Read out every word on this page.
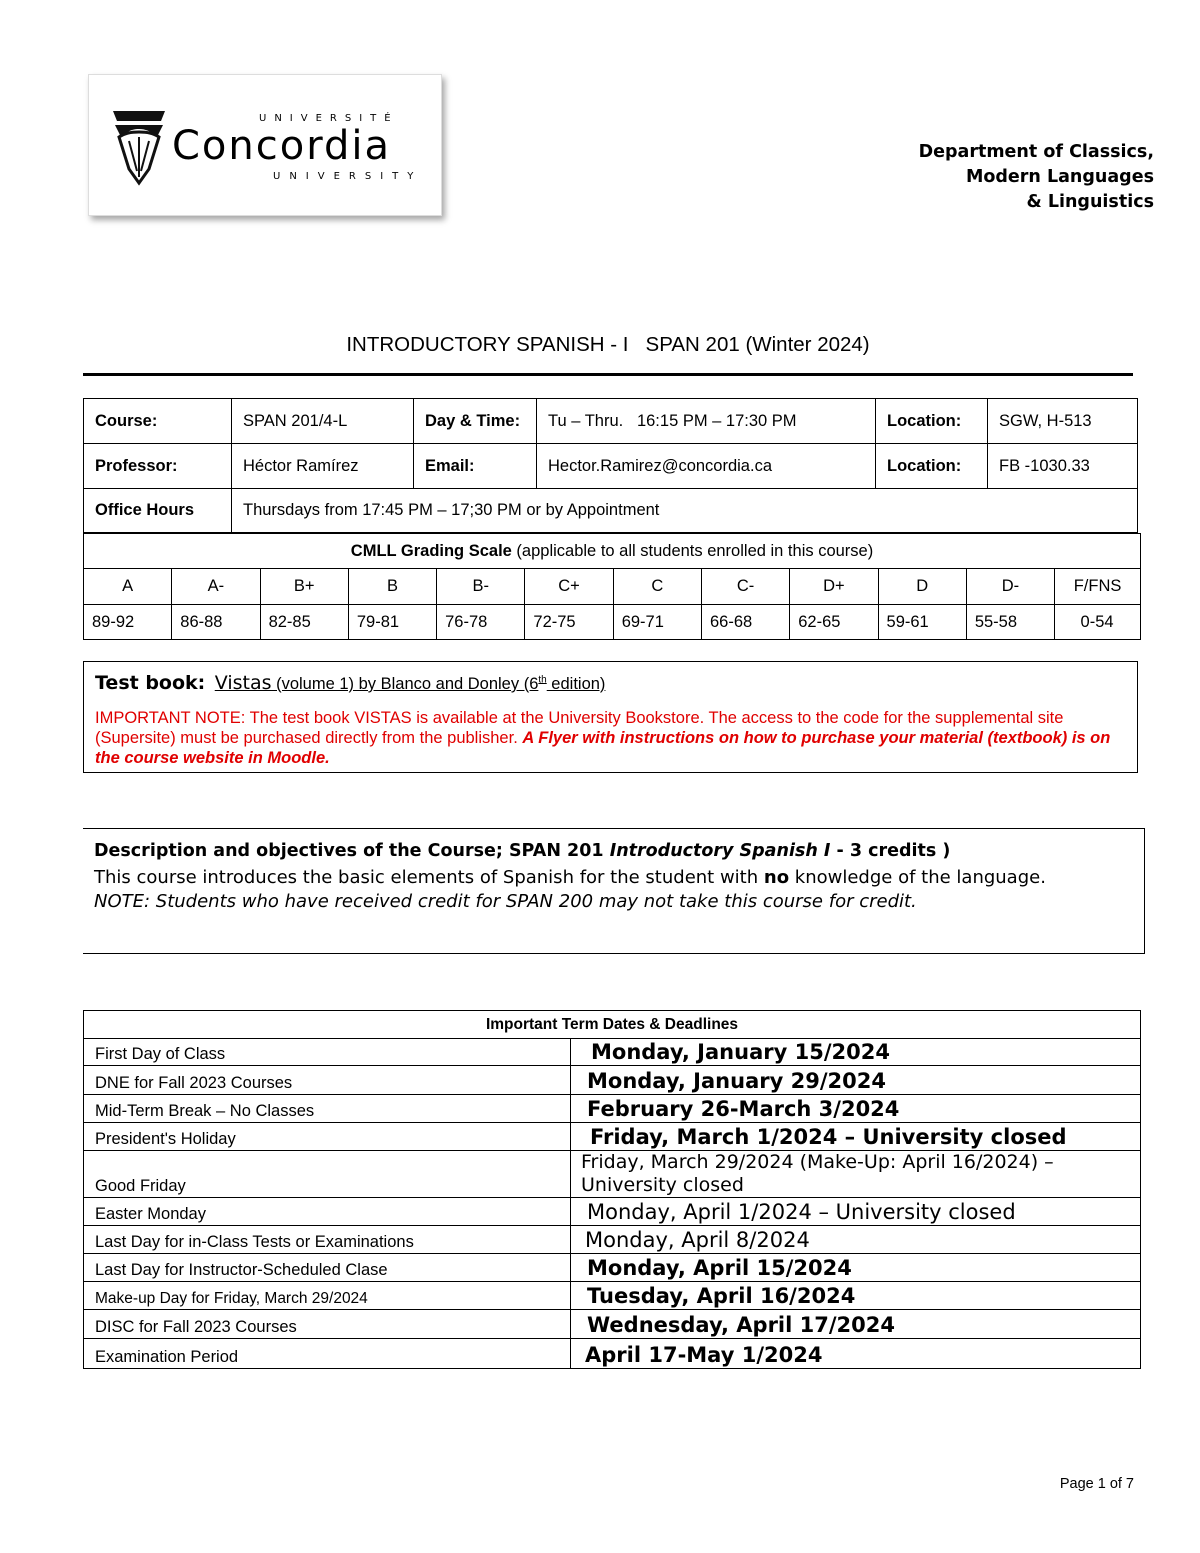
UNIVERSITÉ
Concordia
UNIVERSITY
Department of Classics,
Modern Languages
& Linguistics
INTRODUCTORY SPANISH - I   SPAN 201 (Winter 2024)
Course:	SPAN 201/4-L	Day & Time:	Tu – Thru.   16:15 PM – 17:30 PM	Location:	SGW, H-513
Professor:	Héctor Ramírez	Email:	Hector.Ramirez@concordia.ca	Location:	FB -1030.33
Office Hours	Thursdays from 17:45 PM – 17;30 PM or by Appointment				
CMLL Grading Scale (applicable to all students enrolled in this course)											
A	A-	B+	B	B-	C+	C	C-	D+	D	D-	F/FNS
89-92	86-88	82-85	79-81	76-78	72-75	69-71	66-68	62-65	59-61	55-58	0-54
Test book: Vistas (volume 1) by Blanco and Donley (6th edition)
IMPORTANT NOTE: The test book VISTAS is available at the University Bookstore. The access to the code for the supplemental site (Supersite) must be purchased directly from the publisher. A Flyer with instructions on how to purchase your material (textbook) is on the course website in Moodle.
Description and objectives of the Course; SPAN 201 Introductory Spanish I - 3 credits )
This course introduces the basic elements of Spanish for the student with no knowledge of the language.
NOTE: Students who have received credit for SPAN 200 may not take this course for credit.
Important Term Dates & Deadlines	
First Day of Class	Monday, January 15/2024
DNE for Fall 2023 Courses	Monday, January 29/2024
Mid-Term Break – No Classes	February 26-March 3/2024
President's Holiday	Friday, March 1/2024 – University closed
Good Friday	Friday, March 29/2024 (Make-Up: April 16/2024) – University closed
Easter Monday	Monday, April 1/2024 – University closed
Last Day for in-Class Tests or Examinations	Monday, April 8/2024
Last Day for Instructor-Scheduled Clase	Monday, April 15/2024
Make-up Day for Friday, March 29/2024	Tuesday, April 16/2024
DISC for Fall 2023 Courses	Wednesday, April 17/2024
Examination Period	April 17-May 1/2024
Page 1 of 7
